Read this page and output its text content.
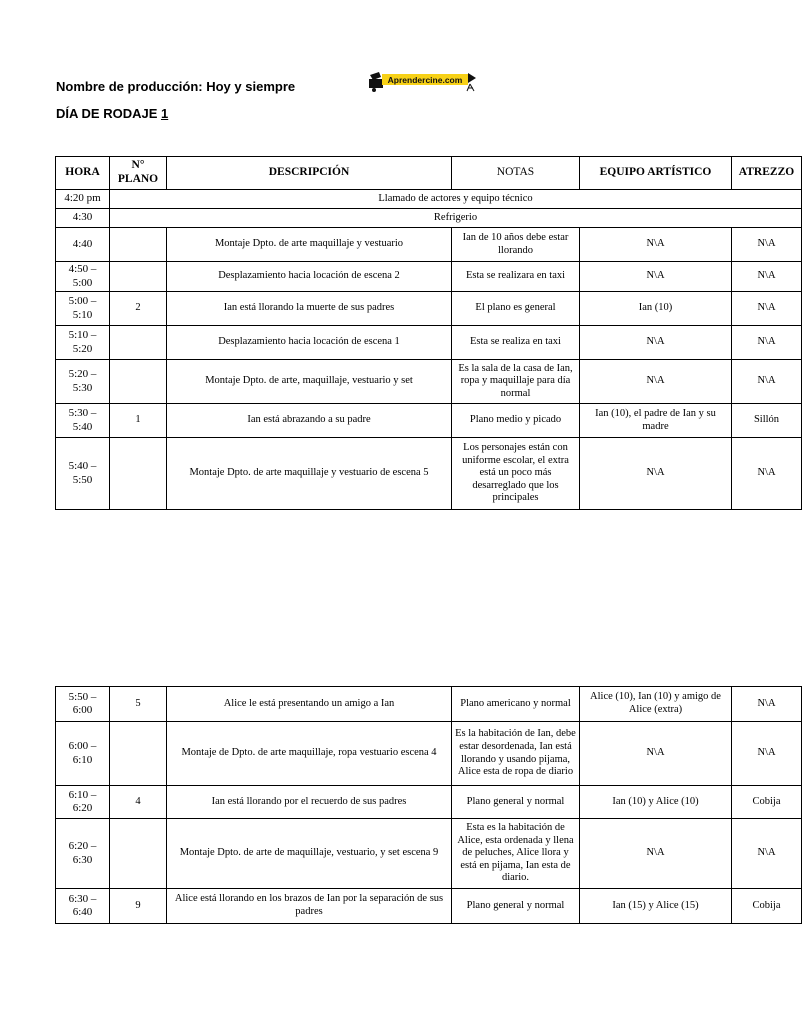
Nombre de producción: Hoy y siempre	Aprendercine.com
DÍA DE RODAJE 1
HORA	N° PLANO	DESCRIPCIÓN	NOTAS	EQUIPO ARTÍSTICO	ATREZZO
4:20 pm	Llamado de actores y equipo técnico				
4:30	Refrigerio				
4:40		Montaje Dpto. de arte maquillaje y vestuario	Ian de 10 años debe estar llorando	N\A	N\A
4:50 – 5:00		Desplazamiento hacia locación de escena 2	Esta se realizara en taxi	N\A	N\A
5:00 – 5:10	2	Ian está llorando la muerte de sus padres	El plano es general	Ian (10)	N\A
5:10 – 5:20		Desplazamiento hacia locación de escena 1	Esta se realiza en taxi	N\A	N\A
5:20 – 5:30		Montaje Dpto. de arte, maquillaje, vestuario y set	Es la sala de la casa de Ian, ropa y maquillaje para día normal	N\A	N\A
5:30 – 5:40	1	Ian está abrazando a su padre	Plano medio y picado	Ian (10), el padre de Ian y su madre	Sillón
5:40 – 5:50		Montaje Dpto. de arte maquillaje y vestuario de escena 5	Los personajes están con uniforme escolar, el extra está un poco más desarreglado que los principales	N\A	N\A
5:50 – 6:00	5	Alice le está presentando un amigo a Ian	Plano americano y normal	Alice (10), Ian (10) y amigo de Alice (extra)	N\A
6:00 – 6:10		Montaje de Dpto. de arte maquillaje, ropa vestuario escena 4	Es la habitación de Ian, debe estar desordenada, Ian está llorando y usando pijama, Alice esta de ropa de diario	N\A	N\A
6:10 – 6:20	4	Ian está llorando por el recuerdo de sus padres	Plano general y normal	Ian (10) y Alice (10)	Cobija
6:20 – 6:30		Montaje Dpto. de arte de maquillaje, vestuario, y set escena 9	Esta es la habitación de Alice, esta ordenada y llena de peluches, Alice llora y está en pijama, Ian esta de diario.	N\A	N\A
6:30 – 6:40	9	Alice está llorando en los brazos de Ian por la separación de sus padres	Plano general y normal	Ian (15) y Alice (15)	Cobija
